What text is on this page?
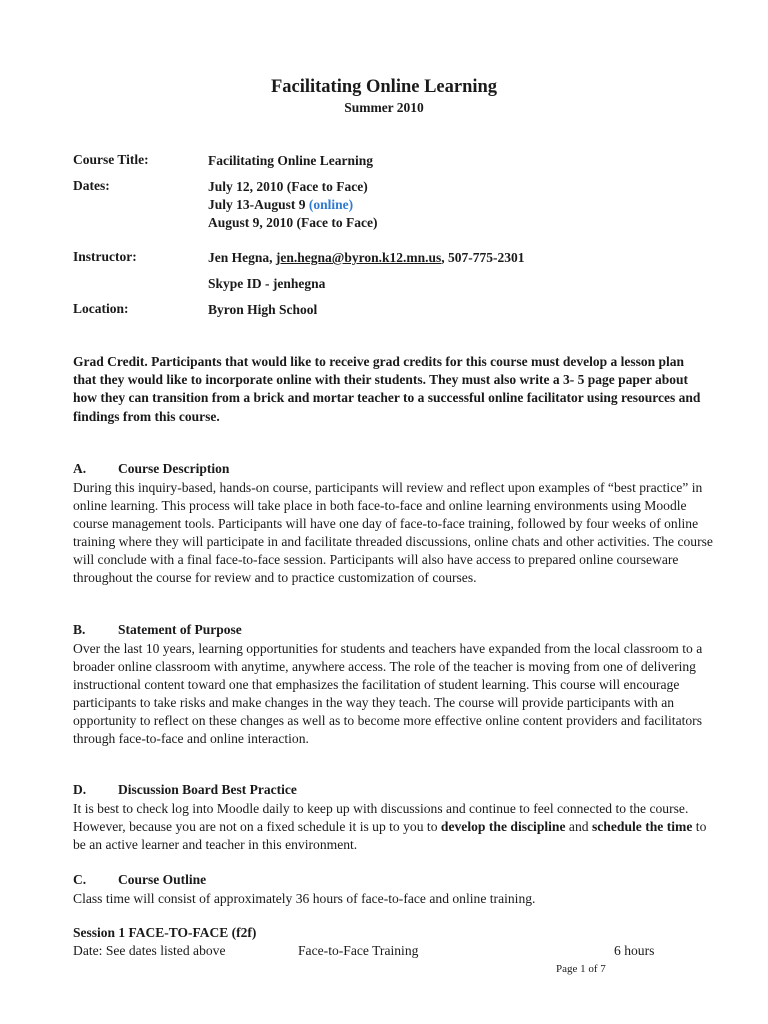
Facilitating Online Learning
Summer 2010
Course Title:	Facilitating Online Learning
Dates:	July 12, 2010 (Face to Face)
July 13-August 9 (online)
August 9, 2010 (Face to Face)
Instructor:	Jen Hegna, jen.hegna@byron.k12.mn.us, 507-775-2301
Skype ID - jenhegna
Location:	Byron High School
Grad Credit. Participants that would like to receive grad credits for this course must develop a lesson plan that they would like to incorporate online with their students. They must also write a 3- 5 page paper about how they can transition from a brick and mortar teacher to a successful online facilitator using resources and findings from this course.
A. Course Description
During this inquiry-based, hands-on course, participants will review and reflect upon examples of “best practice” in online learning. This process will take place in both face-to-face and online learning environments using Moodle course management tools. Participants will have one day of face-to-face training, followed by four weeks of online training where they will participate in and facilitate threaded discussions, online chats and other activities. The course will conclude with a final face-to-face session. Participants will also have access to prepared online courseware throughout the course for review and to practice customization of courses.
B. Statement of Purpose
Over the last 10 years, learning opportunities for students and teachers have expanded from the local classroom to a broader online classroom with anytime, anywhere access. The role of the teacher is moving from one of delivering instructional content toward one that emphasizes the facilitation of student learning. This course will encourage participants to take risks and make changes in the way they teach. The course will provide participants with an opportunity to reflect on these changes as well as to become more effective online content providers and facilitators through face-to-face and online interaction.
D. Discussion Board Best Practice
It is best to check log into Moodle daily to keep up with discussions and continue to feel connected to the course. However, because you are not on a fixed schedule it is up to you to develop the discipline and schedule the time to be an active learner and teacher in this environment.
C. Course Outline
Class time will consist of approximately 36 hours of face-to-face and online training.
Session 1 FACE-TO-FACE (f2f)
Date: See dates listed above	Face-to-Face Training	6 hours
Page 1 of 7
